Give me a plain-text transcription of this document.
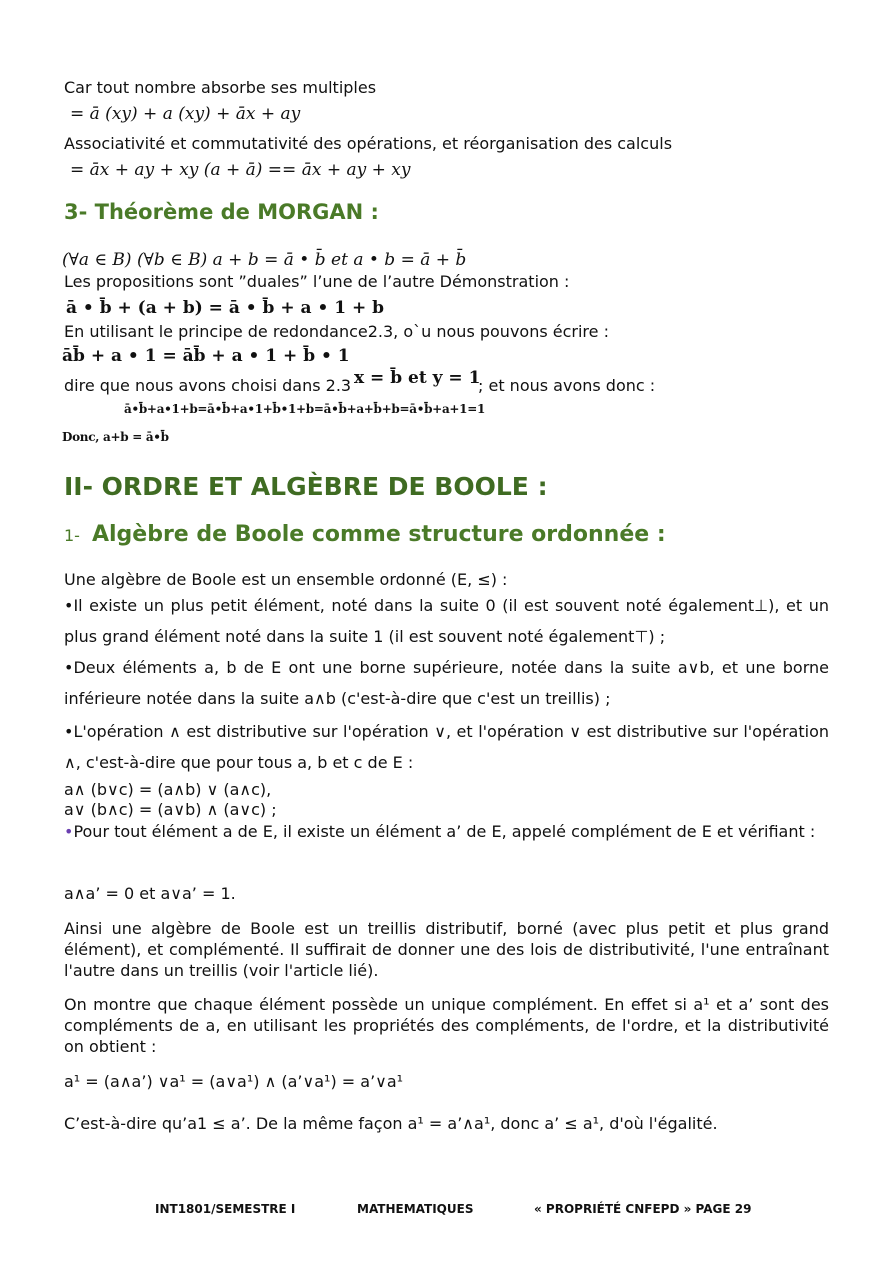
Car tout nombre absorbe ses multiples
= ā (xy) + a (xy) + āx + ay
Associativité et commutativité des opérations, et réorganisation des calculs
= āx + ay + xy (a + ā) == āx + ay + xy
3- Théorème de MORGAN :
(∀a ∈ B) (∀b ∈ B) a + b = ā • b̄ et a • b = ā + b̄
Les propositions sont ”duales” l’une de l’autre Démonstration :
ā • b̄ + (a + b) = ā • b̄ + a • 1 + b
En utilisant le principe de redondance2.3, o`u nous pouvons écrire :
āb̄ + a • 1 = āb̄ + a • 1 + b̄ • 1
dire que nous avons choisi dans 2.3 x = b̄ et y = 1
; et nous avons donc :
ā•b̄+a•1+b=ā•b̄+a•1+b̄•1+b=ā•b̄+a+b̄+b=ā•b̄+a+1=1
Donc, a+b = ā•b̄
II- ORDRE ET ALGÈBRE DE BOOLE :
1- Algèbre de Boole comme structure ordonnée :
Une algèbre de Boole est un ensemble ordonné (E, ≤) :
•Il existe un plus petit élément, noté dans la suite 0 (il est souvent noté également⊥), et un plus grand élément noté dans la suite 1 (il est souvent noté également⊤) ;
•Deux éléments a, b de E ont une borne supérieure, notée dans la suite a∨b, et une borne inférieure notée dans la suite a∧b (c'est-à-dire que c'est un treillis) ;
•L'opération ∧ est distributive sur l'opération ∨, et l'opération ∨ est distributive sur l'opération ∧, c'est-à-dire que pour tous a, b et c de E :
a∧ (b∨c) = (a∧b) ∨ (a∧c),
a∨ (b∧c) = (a∨b) ∧ (a∨c) ;
•Pour tout élément a de E, il existe un élément a’ de E, appelé complément de E et vérifiant :
a∧a’ = 0 et a∨a’ = 1.
Ainsi une algèbre de Boole est un treillis distributif, borné (avec plus petit et plus grand élément), et complémenté. Il suffirait de donner une des lois de distributivité, l'une entraînant l'autre dans un treillis (voir l'article lié).
On montre que chaque élément possède un unique complément. En effet si a¹ et a’ sont des compléments de a, en utilisant les propriétés des compléments, de l'ordre, et la distributivité on obtient :
a¹ = (a∧a’) ∨a¹ = (a∨a¹) ∧ (a’∨a¹) = a’∨a¹
C’est-à-dire qu’a1 ≤ a’. De la même façon a¹ = a’∧a¹, donc a’ ≤ a¹, d'où l'égalité.
INT1801/SEMESTRE I	MATHEMATIQUES	« PROPRIÉTÉ CNFEPD » PAGE 29
